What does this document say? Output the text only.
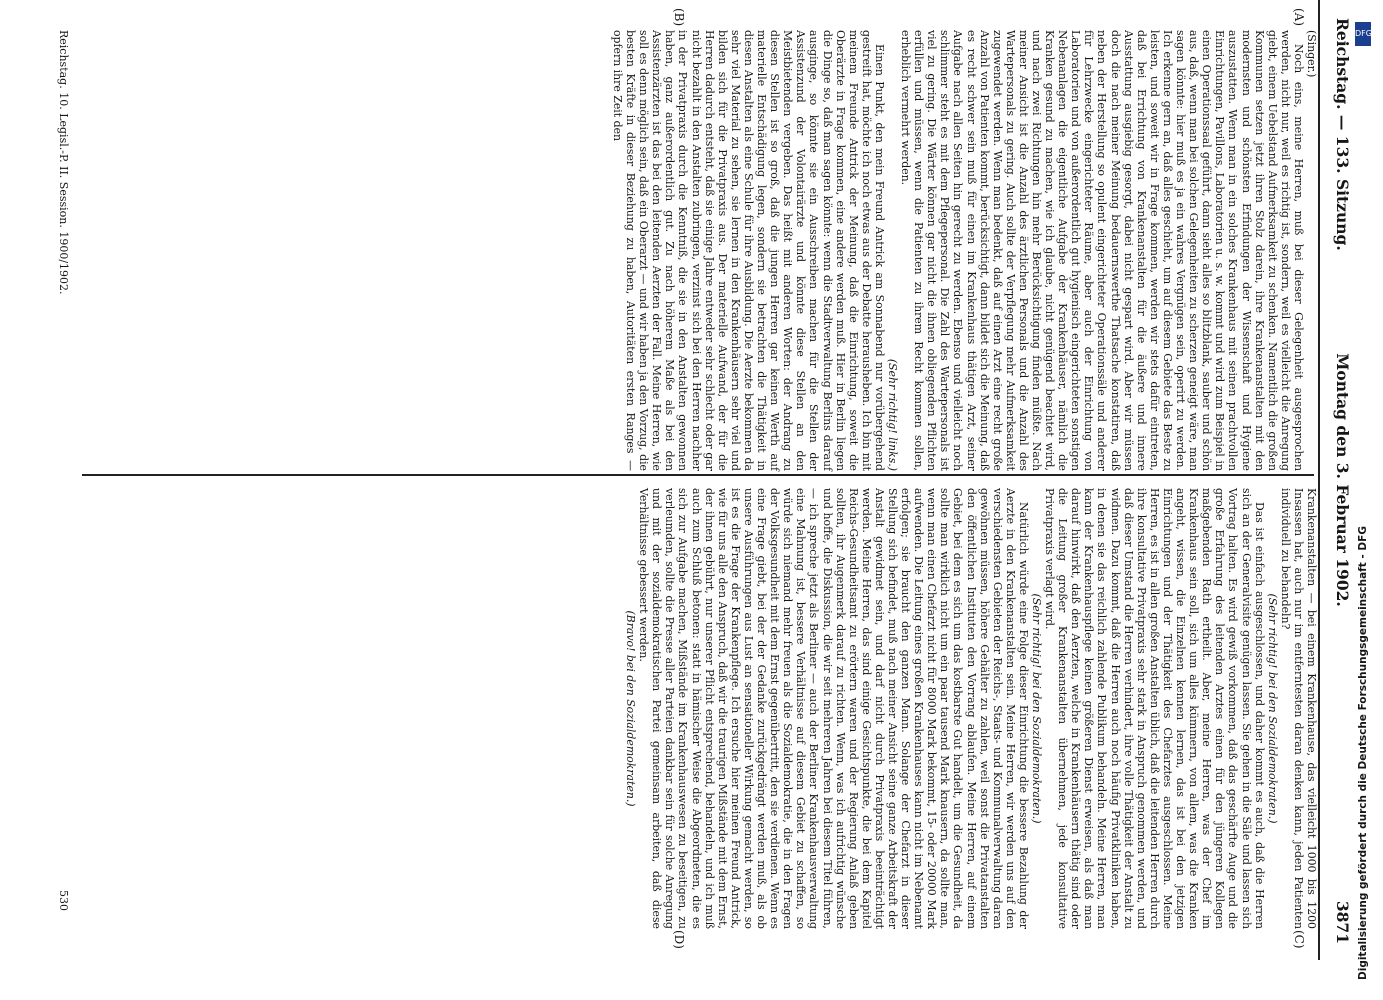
Reichstag. — 133. Sitzung.
Montag den 3. Februar 1902.
3871
(A)
(B)
(C)
(D)

(Singer.)

Noch eins, meine Herren, muß bei dieser Gelegenheit ausgesprochen werden, nicht nur, weil es richtig ist, sondern, weil es vielleicht die Anregung giebt, einem Uebelstand Aufmerksamkeit zu schenken. Namentlich die großen Kommunen setzen jetzt ihren Stolz darein, ihre Krankenanstalten mit den modernsten und schönsten Erfindungen der Wissenschaft und Hygiene auszustatten. Wenn man in ein solches Krankenhaus mit seinen prachtvollen Einrichtungen, Pavillons, Laboratorien u. s. w. kommt und wird zum Beispiel in einen Operationssaal geführt, dann sieht alles so blitzblank, sauber und schön aus, daß, wenn man bei solchen Gelegenheiten zu scherzen geneigt wäre, man sagen könnte: hier muß es ja ein wahres Vergnügen sein, operirt zu werden. Ich erkenne gern an, daß alles geschieht, um auf diesem Gebiete das Beste zu leisten, und soweit wir in Frage kommen, werden wir stets dafür eintreten, daß bei Errichtung von Krankenanstalten für die äußere und innere Ausstattung ausgiebig gesorgt, dabei nicht gespart wird. Aber wir müssen doch die nach meiner Meinung bedauernswerthe Thatsache konstatiren, daß neben der Herstellung so opulent eingerichteter Operationssäle und anderer für Lehrzwecke eingerichteter Räume, aber auch der Einrichtung von Laboratorien und von außerordentlich gut hygienisch eingerichteten sonstigen Nebenanlagen die eigentliche Aufgabe der Krankenhäuser, nämlich die Kranken gesund zu machen, wie ich glaube, nicht genügend beachtet wird, und nach zwei Richtungen hin mehr Berücksichtigung finden müßte. Nach meiner Ansicht ist die Anzahl des ärztlichen Personals und die Anzahl des Wartepersonals zu gering. Auch sollte der Verpflegung mehr Aufmerksamkeit zugewendet werden. Wenn man bedenkt, daß auf einen Arzt eine recht große Anzahl von Patienten kommt, berücksichtigt, dann bildet sich die Meinung, daß es recht schwer sein muß für einen im Krankenhaus thätigen Arzt, seiner Aufgabe nach allen Seiten hin gerecht zu werden. Ebenso und vielleicht noch schlimmer steht es mit dem Pflegepersonal. Die Zahl des Wartepersonals ist viel zu gering. Die Wärter können gar nicht die ihnen obliegenden Pflichten erfüllen und müssen, wenn die Patienten zu ihrem Recht kommen sollen, erheblich vermehrt werden.

(Sehr richtig! links.)

Einen Punkt, den mein Freund Antrick am Sonnabend nur vorübergehend gestreift hat, möchte ich noch etwas aus der Debatte herausheben. Ich bin mit meinem Freunde Antrick der Meinung, daß die Einrichtung, soweit die Oberärzte in Frage kommen, eine andere werden muß. Hier in Berlin liegen die Dinge so, daß man sagen könnte: wenn die Stadtverwaltung Berlins darauf ausginge, so könnte sie ein Ausschreiben machen für die Stellen der Assistenzund der Volontairärzte und könnte diese Stellen an den Meistbietenden vergeben. Das heißt mit anderen Worten: der Andrang zu diesen Stellen ist so groß, daß die jungen Herren gar keinen Werth auf materielle Entschädigung legen, sondern sie betrachten die Thätigkeit in diesen Anstalten als eine Schule für ihre Ausbildung. Die Aerzte bekommen da sehr viel Material zu sehen, sie lernen in den Krankenhäusern sehr viel und bilden sich für die Privatpraxis aus. Der materielle Aufwand, der für die Herren dadurch entsteht, daß sie einige Jahre entweder sehr schlecht oder gar nicht bezahlt in den Anstalten zubringen, verzinst sich bei den Herren nachher in der Privatpraxis durch die Kenntniß, die sie in den Anstalten gewonnen haben, ganz außerordentlich gut. Zu nach höherem Maße als bei den Assistenzärzten ist das bei den leitenden Aerzten der Fall. Meine Herren, wie soll es denn möglich sein, daß ein Oberarzt — und wir haben ja den Vorzug, die besten Kräfte in dieser Beziehung zu haben, Autoritäten ersten Ranges — opfern ihre Zeit den

Krankenanstalten — bei einem Krankenhause, das vielleicht 1000 bis 1200 Insassen hat, auch nur im entferntesten daran denken kann, jeden Patienten individuell zu behandeln?

(Sehr richtig! bei den Sozialdemokraten.)

Das ist einfach ausgeschlossen, und daher kommt es auch, daß die Herren sich an der Generalvisite genügen lassen. Sie gehen in die Säle und lassen sich Vortrag halten. Es wird gewiß vorkommen, daß das geschärfte Auge und die große Erfahrung des leitenden Arztes einen für den jüngeren Kollegen maßgebenden Rath ertheilt. Aber, meine Herren, was der Chef im Krankenhaus sein soll, sich um alles kümmern, von allem, was die Kranken angeht, wissen, die Einzelnen kennen lernen, das ist bei den jetzigen Einrichtungen und der Thätigkeit des Chefarztes ausgeschlossen. Meine Herren, es ist in allen großen Anstalten üblich, daß die leitenden Herren durch ihre konsultative Privatpraxis sehr stark in Anspruch genommen werden, und daß dieser Umstand die Herren verhindert, ihre volle Thätigkeit der Anstalt zu widmen. Dazu kommt, daß die Herren auch noch häufig Privatkliniken haben, in denen sie das reichlich zahlende Publikum behandeln. Meine Herren, man kann der Krankenhauspflege keinen größeren Dienst erweisen, als daß man darauf hinwirkt, daß den Aerzten, welche in Krankenhäusern thätig sind oder die Leitung großer Krankenanstalten übernehmen, jede konsultative Privatpraxis verlagt wird.

(Sehr richtig! bei den Sozialdemokraten.)

Natürlich würde eine Folge dieser Einrichtung die bessere Bezahlung der Aerzte in den Krankenanstalten sein. Meine Herren, wir werden uns auf den verschiedensten Gebieten der Reichs-, Staats- und Kommunalverwaltung daran gewöhnen müssen, höhere Gehälter zu zahlen, weil sonst die Privatanstalten den öffentlichen Instituten den Vorrang ablaufen. Meine Herren, auf einem Gebiet, bei dem es sich um das kostbarste Gut handelt, um die Gesundheit, da sollte man wirklich nicht um ein paar tausend Mark knausern, da sollte man, wenn man einen Chefarzt nicht für 8000 Mark bekommt, 15- oder 20000 Mark aufwenden. Die Leitung eines großen Krankenhauses kann nicht im Nebenamt erfolgen; sie braucht den ganzen Mann. Solange der Chefarzt in dieser Stellung sich befindet, muß nach meiner Ansicht seine ganze Arbeitskraft der Anstalt gewidmet sein, und darf nicht durch Privatpraxis beeinträchtigt werden. Meine Herren, das sind einige Gesichtspunkte, die bei dem Kapitel Reichs-Gesundheitsamt zu erörtern waren und der Regierung Anlaß geben sollten, ihr Augenmerk darauf zu richten. Wenn, was ich aufrichtig wünsche und hoffe, die Diskussion, die wir seit mehreren Jahren bei diesem Titel führen, — ich spreche jetzt als Berliner — auch der Berliner Krankenhausverwaltung eine Mahnung ist, bessere Verhältnisse auf diesem Gebiet zu schaffen, so würde sich niemand mehr freuen als die Sozialdemokratie, die in den Fragen der Volksgesundheit mit dem Ernst gegenübertritt, den sie verdienen. Wenn es eine Frage giebt, bei der der Gedanke zurückgedrängt werden muß, als ob unsere Ausführungen aus Lust an sensationeller Wirkung gemacht werden, so ist es die Frage der Krankenpflege. Ich ersuche hier meinen Freund Antrick, wie für uns alle den Anspruch, daß wir die traurigen Mißstände mit dem Ernst, der ihnen gebührt, nur unserer Pflicht entsprechend, behandeln, und ich muß auch zum Schluß betonen: statt in hämischer Weise die Abgeordneten, die es sich zur Aufgabe machen, Mißstände im Krankenhauswesen zu beseitigen, zu verleumden, sollte die Presse aller Parteien dankbar sein für solche Anregung und mit der sozialdemokratischen Partei gemeinsam arbeiten, daß diese Verhältnisse gebessert werden.

(Bravo! bei den Sozialdemokraten.)

Reichstag. 10. Legisl.-P. II. Session. 1900/1902.
530
DFG
Digitalisierung gefördert durch die Deutsche Forschungsgemeinschaft - DFG
